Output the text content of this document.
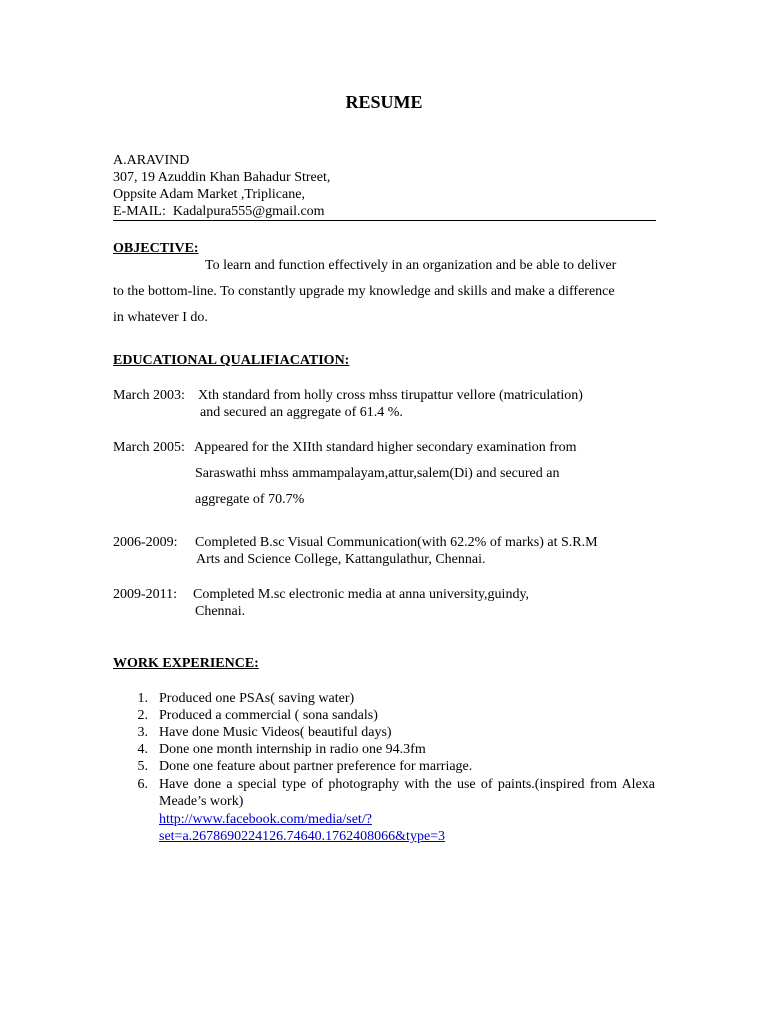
RESUME
A.ARAVIND
307, 19 Azuddin Khan Bahadur Street,
Oppsite Adam Market ,Triplicane,
E-MAIL: Kadalpura555@gmail.com
OBJECTIVE:
To learn and function effectively in an organization and be able to deliver
to the bottom-line. To constantly upgrade my knowledge and skills and make a difference
in whatever I do.
EDUCATIONAL QUALIFIACATION:
March 2003: Xth standard from holly cross mhss tirupattur vellore (matriculation)
and secured an aggregate of 61.4 %.
March 2005: Appeared for the XIIth standard higher secondary examination from
Saraswathi mhss ammampalayam,attur,salem(Di) and secured an
aggregate of 70.7%
2006-2009: Completed B.sc Visual Communication(with 62.2% of marks) at S.R.M
Arts and Science College, Kattangulathur, Chennai.
2009-2011: Completed M.sc electronic media at anna university,guindy,
Chennai.
WORK EXPERIENCE:
1. Produced one PSAs( saving water)
2. Produced a commercial ( sona sandals)
3. Have done Music Videos( beautiful days)
4. Done one month internship in radio one 94.3fm
5. Done one feature about partner preference for marriage.
6. Have done a special type of photography with the use of paints.(inspired from Alexa Meade’s work)
http://www.facebook.com/media/set/?
set=a.2678690224126.74640.1762408066&type=3
